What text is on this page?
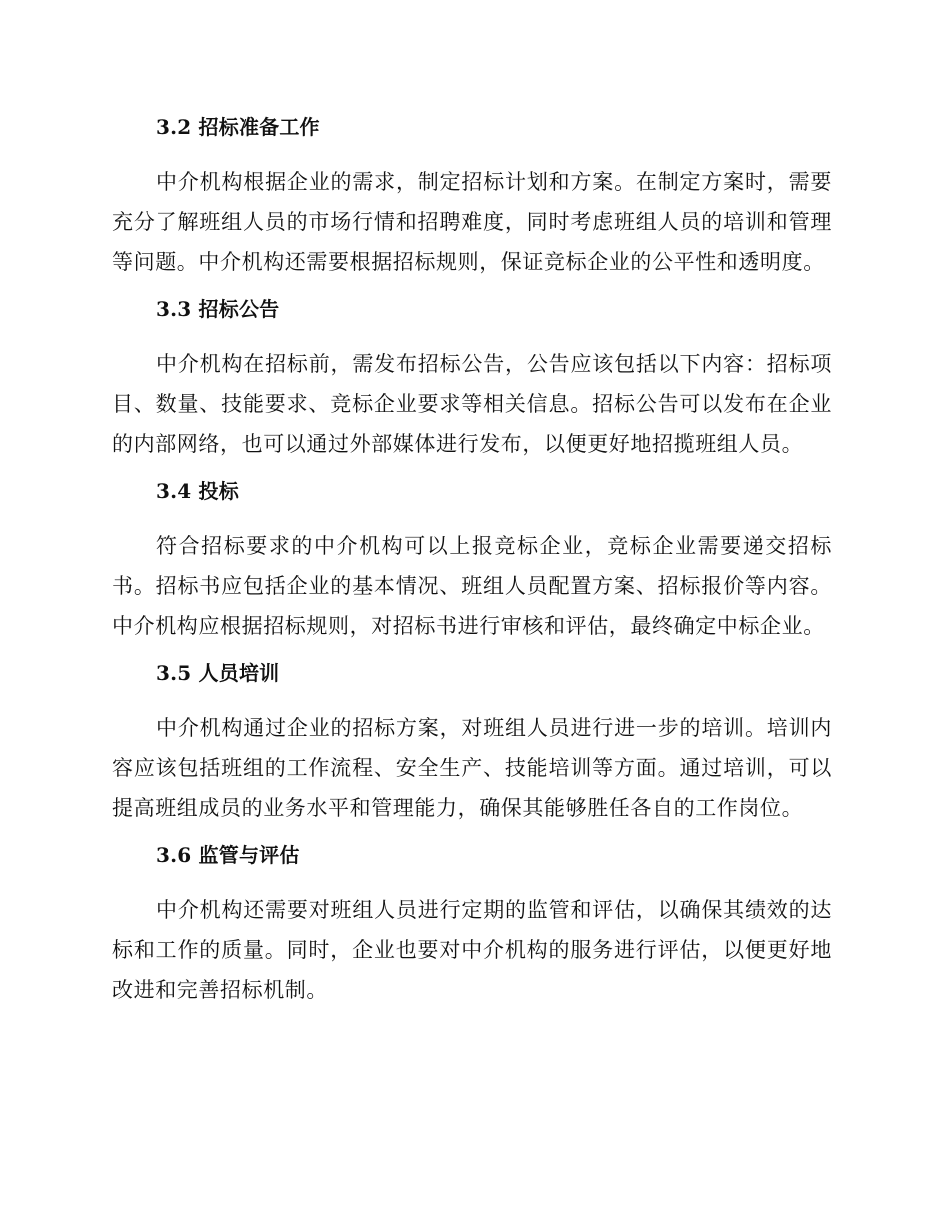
3.2 招标准备工作

中介机构根据企业的需求，制定招标计划和方案。在制定方案时，需要充分了解班组人员的市场行情和招聘难度，同时考虑班组人员的培训和管理等问题。中介机构还需要根据招标规则，保证竞标企业的公平性和透明度。

3.3 招标公告

中介机构在招标前，需发布招标公告，公告应该包括以下内容：招标项目、数量、技能要求、竞标企业要求等相关信息。招标公告可以发布在企业的内部网络，也可以通过外部媒体进行发布，以便更好地招揽班组人员。

3.4 投标

符合招标要求的中介机构可以上报竞标企业，竞标企业需要递交招标书。招标书应包括企业的基本情况、班组人员配置方案、招标报价等内容。中介机构应根据招标规则，对招标书进行审核和评估，最终确定中标企业。

3.5 人员培训

中介机构通过企业的招标方案，对班组人员进行进一步的培训。培训内容应该包括班组的工作流程、安全生产、技能培训等方面。通过培训，可以提高班组成员的业务水平和管理能力，确保其能够胜任各自的工作岗位。

3.6 监管与评估

中介机构还需要对班组人员进行定期的监管和评估，以确保其绩效的达标和工作的质量。同时，企业也要对中介机构的服务进行评估，以便更好地改进和完善招标机制。
